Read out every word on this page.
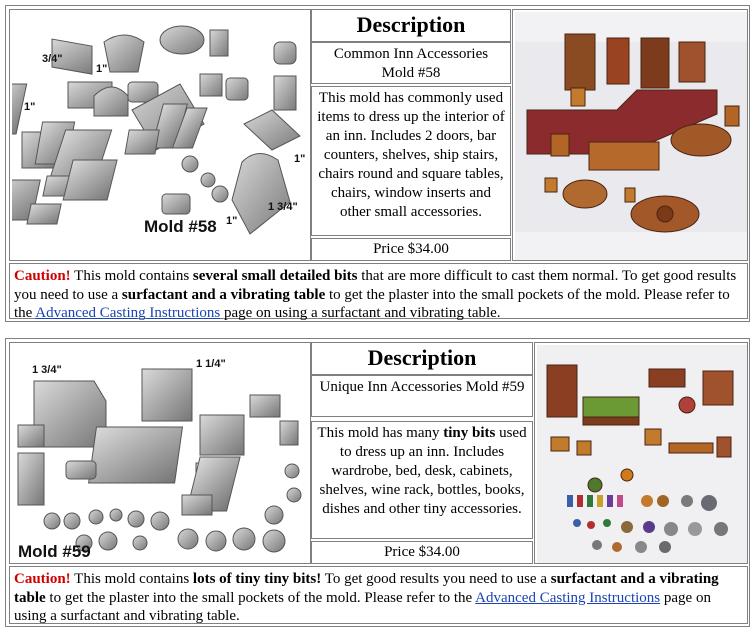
3/4"
1"
1"
1"
1 3/4"
1"
Mold #58
Description
Common Inn Accessories Mold #58
This mold has commonly used items to dress up the interior of an inn. Includes 2 doors, bar counters, shelves, ship stairs, chairs round and square tables, chairs, window inserts and other small accessories.
Price $34.00
Caution! This mold contains several small detailed bits that are more difficult to cast them normal. To get good results you need to use a surfactant and a vibrating table to get the plaster into the small pockets of the mold. Please refer to the Advanced Casting Instructions page on using a surfactant and vibrating table.
1 3/4"	1 1/4"
Mold #59
Description
Unique Inn Accessories Mold #59
This mold has many tiny bits used to dress up an inn. Includes wardrobe, bed, desk, cabinets, shelves, wine rack, bottles, books, dishes and other tiny accessories.
Price $34.00
Caution! This mold contains lots of tiny tiny bits! To get good results you need to use a surfactant and a vibrating table to get the plaster into the small pockets of the mold. Please refer to the Advanced Casting Instructions page on using a surfactant and vibrating table.
